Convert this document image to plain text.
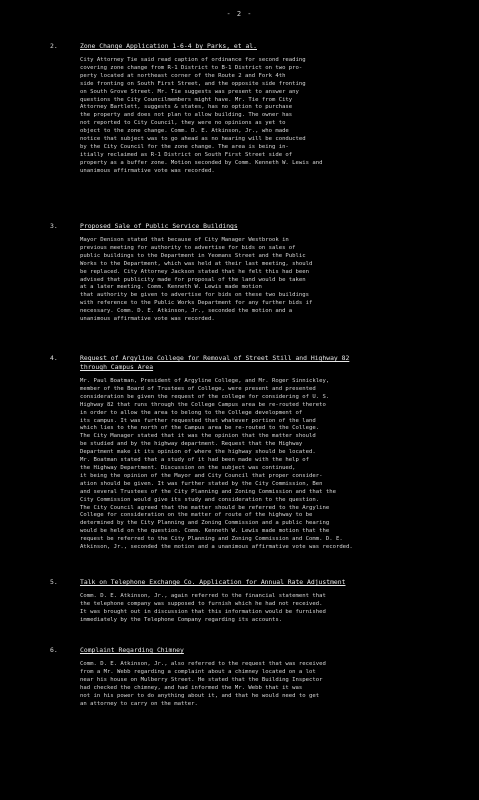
- 2 -
2.	Zone Change Application 1-6-4 by Parks, et al.
City Attorney Tie said read caption of ordinance for second reading
covering zone change from R-1 District to B-1 District on two pro-
perty located at northeast corner of the Route 2 and Fork 4th
side fronting on South First Street, and the opposite side fronting
on South Grove Street. Mr. Tie suggests was present to answer any
questions the City Councilmembers might have. Mr. Tie from City
Attorney Bartlett, suggests & states, has no option to purchase
the property and does not plan to allow building. The owner has
not reported to City Council, they were no opinions as yet to
object to the zone change. Comm. D. E. Atkinson, Jr., who made
notice that subject was to go ahead as no hearing will be conducted
by the City Council for the zone change. The area is being in-
itially reclaimed as R-1 District on South First Street side of
property as a buffer zone. Motion seconded by Comm. Kenneth W. Lewis and
unanimous affirmative vote was recorded.
3.	Proposed Sale of Public Service Buildings
Mayor Denison stated that because of City Manager Westbrook in
previous meeting for authority to advertise for bids on sales of
public buildings to the Department in Yeomans Street and the Public
Works to the Department, which was held at their last meeting, should
be replaced. City Attorney Jackson stated that he felt this had been
advised that publicity made for proposal of the land would be taken
at a later meeting. Comm. Kenneth W. Lewis made motion
that authority be given to advertise for bids on these two buildings
with reference to the Public Works Department for any further bids if
necessary. Comm. D. E. Atkinson, Jr., seconded the motion and a
unanimous affirmative vote was recorded.
4.	Request of Argyline College for Removal of Street Still and Highway 82
through Campus Area
Mr. Paul Boatman, President of Argyline College, and Mr. Roger Sinnickley,
member of the Board of Trustees of College, were present and presented
consideration be given the request of the college for considering of U. S.
Highway 82 that runs through the College Campus area be re-routed thereto
in order to allow the area to belong to the College development of
its campus. It was further requested that whatever portion of the land
which lies to the north of the Campus area be re-routed to the College.
The City Manager stated that it was the opinion that the matter should
be studied and by the highway department. Request that the Highway
Department make it its opinion of where the highway should be located.
Mr. Boatman stated that a study of it had been made with the help of
the Highway Department. Discussion on the subject was continued,
it being the opinion of the Mayor and City Council that proper consider-
ation should be given. It was further stated by the City Commission, Ben
and several Trustees of the City Planning and Zoning Commission and that the
City Commission would give its study and consideration to the question.
The City Council agreed that the matter should be referred to the Argyline
College for consideration on the matter of route of the highway to be
determined by the City Planning and Zoning Commission and a public hearing
would be held on the question. Comm. Kenneth W. Lewis made motion that the
request be referred to the City Planning and Zoning Commission and Comm. D. E.
Atkinson, Jr., seconded the motion and a unanimous affirmative vote was recorded.
5.	Talk on Telephone Exchange Co. Application for Annual Rate Adjustment
Comm. D. E. Atkinson, Jr., again referred to the financial statement that
the telephone company was supposed to furnish which he had not received.
It was brought out in discussion that this information would be furnished
immediately by the Telephone Company regarding its accounts.
6.	Complaint Regarding Chimney
Comm. D. E. Atkinson, Jr., also referred to the request that was received
from a Mr. Webb regarding a complaint about a chimney located on a lot
near his house on Mulberry Street. He stated that the Building Inspector
had checked the chimney, and had informed the Mr. Webb that it was
not in his power to do anything about it, and that he would need to get
an attorney to carry on the matter.
